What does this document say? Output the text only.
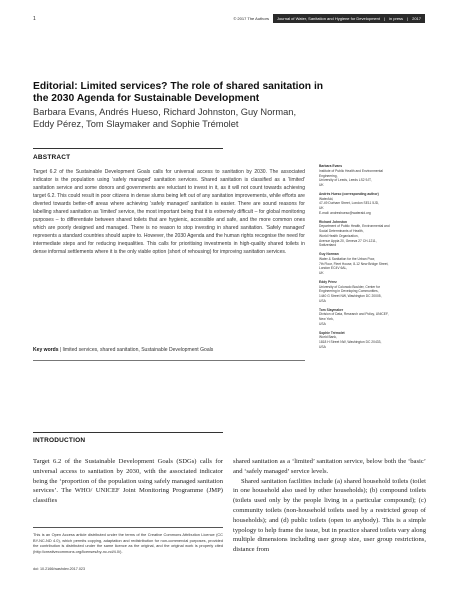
1	© 2017 The Authors	Journal of Water, Sanitation and Hygiene for Development | in press | 2017
Editorial: Limited services? The role of shared sanitation in the 2030 Agenda for Sustainable Development
Barbara Evans, Andrés Hueso, Richard Johnston, Guy Norman,
Eddy Pérez, Tom Slaymaker and Sophie Trémolet
ABSTRACT

Target 6.2 of the Sustainable Development Goals calls for universal access to sanitation by 2030. The associated indicator is the population using ‘safely managed’ sanitation services. Shared sanitation is classified as a ‘limited’ sanitation service and some donors and governments are reluctant to invest in it, as it will not count towards achieving target 6.2. This could result in poor citizens in dense slums being left out of any sanitation improvements, while efforts are diverted towards better-off areas where achieving ‘safely managed’ sanitation is easier. There are sound reasons for labelling shared sanitation as ‘limited’ service, the most important being that it is extremely difficult – for global monitoring purposes – to differentiate between shared toilets that are hygienic, accessible and safe, and the more common ones which are poorly designed and managed. There is no reason to stop investing in shared sanitation. ‘Safely managed’ represents a standard countries should aspire to. However, the 2030 Agenda and the human rights recognise the need for intermediate steps and for reducing inequalities. This calls for prioritising investments in high-quality shared toilets in dense informal settlements where it is the only viable option (short of rehousing) for improving sanitation services.

Key words | limited services, shared sanitation, Sustainable Development Goals
Barbara Evans
Institute of Public Health and Environmental
Engineering,
University of Leeds, Leeds LS2 9JT,
UK
Andrés Hueso (corresponding author)
WaterAid,
47-49 Durham Street, London SE11 5JD,
UK
E-mail: andreshueso@wateraid.org
Richard Johnston
Department of Public Health, Environmental and
Social Determinants of Health,
World Health Organization,
Avenue Appia 20, Geneva 27 CH-1211,
Switzerland
Guy Norman
Water & Sanitation for the Urban Poor,
7th Floor, Fleet House, 8-12 New Bridge Street,
London EC4V 6AL,
UK
Eddy Pérez
University of Colorado Boulder, Center for
Engineering in Developing Communities,
1440 G Street NW, Washington DC 20005,
USA
Tom Slaymaker
Division of Data, Research and Policy, UNICEF,
New York,
USA
Sophie Trémolet
World Bank,
1818 H Street NW, Washington DC 20433,
USA
INTRODUCTION

Target 6.2 of the Sustainable Development Goals (SDGs) calls for universal access to sanitation by 2030, with the associated indicator being the ‘proportion of the population using safely managed sanitation services’. The WHO/ UNICEF Joint Monitoring Programme (JMP) classifies

shared sanitation as a ‘limited’ sanitation service, below both the ‘basic’ and ‘safely managed’ service levels.

Shared sanitation facilities include (a) shared household toilets (toilet in one household also used by other households); (b) compound toilets (toilets used only by the people living in a particular compound); (c) community toilets (non-household toilets used by a restricted group of households); and (d) public toilets (open to anybody). This is a simple typology to help frame the issue, but in practice shared toilets vary along multiple dimensions including user group size, user group restrictions, distance from

This is an Open Access article distributed under the terms of the Creative Commons Attribution Licence (CC BY-NC-ND 4.0), which permits copying, adaptation and redistribution for non-commercial purposes, provided the contribution is distributed under the same licence as the original, and the original work is properly cited (http://creativecommons.org/licenses/by-nc-nd/4.0/).

doi: 10.2166/washdev.2017.023
